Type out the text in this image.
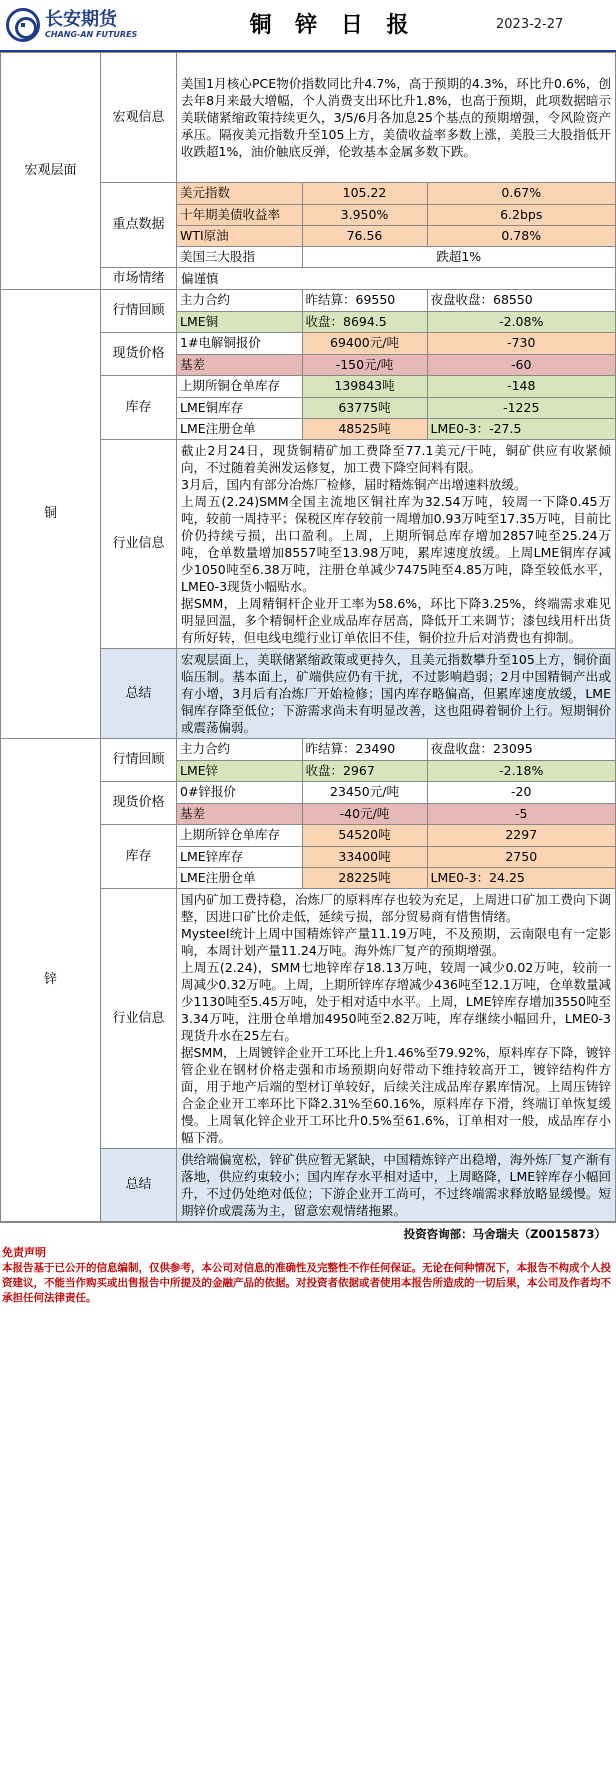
长安期货
CHANG-AN FUTURES	铜 锌 日 报	2023-2-27
宏观层面	宏观信息	美国1月核心PCE物价指数同比升4.7%，高于预期的4.3%，环比升0.6%，创去年8月来最大增幅，个人消费支出环比升1.8%，也高于预期，此项数据暗示美联储紧缩政策持续更久，3/5/6月各加息25个基点的预期增强，令风险资产承压。隔夜美元指数升至105上方，美债收益率多数上涨，美股三大股指低开收跌超1%，油价触底反弹，伦敦基本金属多数下跌。
重点数据	
美元指数	105.22	0.67%
十年期美债收益率	3.950%	6.2bps
WTI原油	76.56	0.78%
美国三大股指	跌超1%

市场情绪	偏谨慎
铜	行情回顾	
主力合约	昨结算：69550	夜盘收盘：68550
LME铜	收盘：8694.5	-2.08%

现货价格	
1#电解铜报价	69400元/吨	-730
基差	-150元/吨	-60

库存	
上期所铜仓单库存	139843吨	-148
LME铜库存	63775吨	-1225
LME注册仓单	48525吨	LME0-3：-27.5

行业信息	
截止2月24日，现货铜精矿加工费降至77.1美元/干吨，铜矿供应有收紧倾向，不过随着美洲发运修复，加工费下降空间料有限。
3月后，国内有部分冶炼厂检修，届时精炼铜产出增速料放缓。
上周五(2.24)SMM全国主流地区铜社库为32.54万吨，较周一下降0.45万吨，较前一周持平；保税区库存较前一周增加0.93万吨至17.35万吨，目前比价仍持续亏损，出口盈利。上周，上期所铜总库存增加2857吨至25.24万吨，仓单数量增加8557吨至13.98万吨，累库速度放缓。上周LME铜库存减少1050吨至6.38万吨，注册仓单减少7475吨至4.85万吨，降至较低水平，LME0-3现货小幅贴水。
据SMM，上周精铜杆企业开工率为58.6%，环比下降3.25%，终端需求难见明显回温，多个精铜杆企业成品库存居高，降低开工来调节；漆包线用杆出货有所好转，但电线电缆行业订单依旧不佳，铜价拉升后对消费也有抑制。

总结	宏观层面上，美联储紧缩政策或更持久，且美元指数攀升至105上方，铜价面临压制。基本面上，矿端供应仍有干扰，不过影响趋弱；2月中国精铜产出或有小增，3月后有冶炼厂开始检修；国内库存略偏高，但累库速度放缓，LME铜库存降至低位；下游需求尚未有明显改善，这也阻碍着铜价上行。短期铜价或震荡偏弱。
锌	行情回顾	
主力合约	昨结算：23490	夜盘收盘：23095
LME锌	收盘：2967	-2.18%

现货价格	
0#锌报价	23450元/吨	-20
基差	-40元/吨	-5

库存	
上期所锌仓单库存	54520吨	2297
LME锌库存	33400吨	2750
LME注册仓单	28225吨	LME0-3：24.25

行业信息	
国内矿加工费持稳，冶炼厂的原料库存也较为充足，上周进口矿加工费向下调整，因进口矿比价走低，延续亏损，部分贸易商有惜售情绪。
Mysteel统计上周中国精炼锌产量11.19万吨，不及预期，云南限电有一定影响，本周计划产量11.24万吨。海外炼厂复产的预期增强。
上周五(2.24)，SMM七地锌库存18.13万吨，较周一减少0.02万吨，较前一周减少0.32万吨。上周，上期所锌库存增减少436吨至12.1万吨，仓单数量减少1130吨至5.45万吨，处于相对适中水平。上周，LME锌库存增加3550吨至3.34万吨，注册仓单增加4950吨至2.82万吨，库存继续小幅回升，LME0-3现货升水在25左右。
据SMM，上周镀锌企业开工环比上升1.46%至79.92%，原料库存下降，镀锌管企业在钢材价格走强和市场预期向好带动下维持较高开工，镀锌结构件方面，用于地产后端的型材订单较好，后续关注成品库存累库情况。上周压铸锌合金企业开工率环比下降2.31%至60.16%，原料库存下滑，终端订单恢复缓慢。上周氧化锌企业开工环比升0.5%至61.6%，订单相对一般，成品库存小幅下滑。

总结	供给端偏宽松，锌矿供应暂无紧缺，中国精炼锌产出稳增，海外炼厂复产渐有落地，供应约束较小；国内库存水平相对适中，上周略降，LME锌库存小幅回升，不过仍处绝对低位；下游企业开工尚可，不过终端需求释放略显缓慢。短期锌价或震荡为主，留意宏观情绪拖累。
投资咨询部：马舍瑞夫（Z0015873）
免责声明
本报告基于已公开的信息编制，仅供参考，本公司对信息的准确性及完整性不作任何保证。无论在何种情况下，本报告不构成个人投资建议，不能当作购买或出售报告中所提及的金融产品的依据。对投资者依据或者使用本报告所造成的一切后果，本公司及作者均不承担任何法律责任。
